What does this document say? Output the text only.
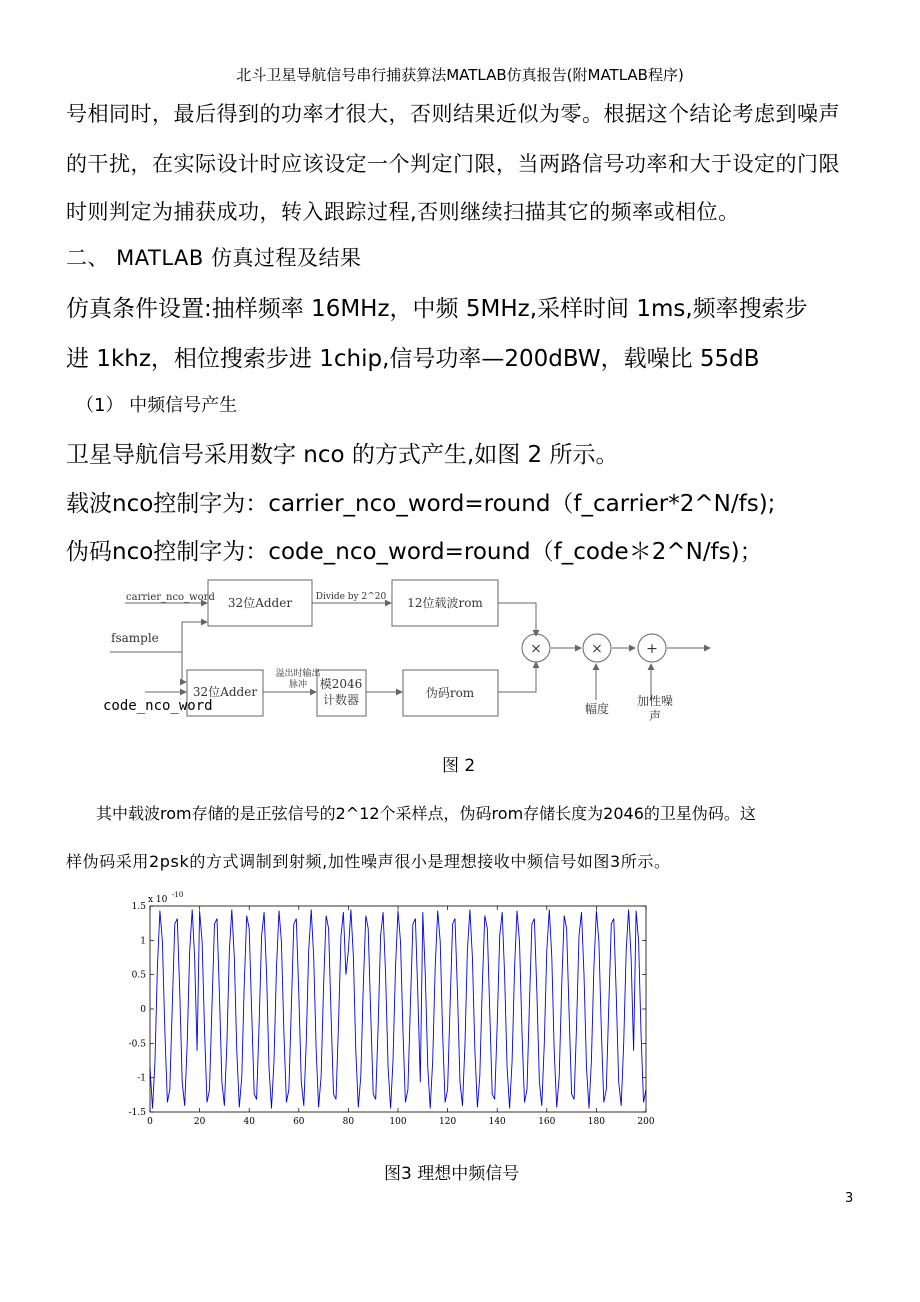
北斗卫星导航信号串行捕获算法MATLAB仿真报告(附MATLAB程序)

号相同时，最后得到的功率才很大，否则结果近似为零。根据这个结论考虑到噪声

的干扰，在实际设计时应该设定一个判定门限，当两路信号功率和大于设定的门限

时则判定为捕获成功，转入跟踪过程,否则继续扫描其它的频率或相位。

二、 MATLAB 仿真过程及结果

仿真条件设置:抽样频率 16MHz，中频 5MHz,采样时间 1ms,频率搜索步

进 1khz，相位搜索步进 1chip,信号功率—200dBW，载噪比 55dB

（1） 中频信号产生

卫星导航信号采用数字 nco 的方式产生,如图 2 所示。

载波nco控制字为：carrier_nco_word=round（f_carrier*2^N/fs);

伪码nco控制字为：code_nco_word=round（f_code＊2^N/fs)；

carrier_nco_word
fsample
32位Adder	Divide by 2^20 12位载波rom
32位Adder
溢出时输出
脉冲 模2046
计数器	伪码rom
×	×	+
幅度
加性噪
声
code_nco_word

图 2

其中载波rom存储的是正弦信号的2^12个采样点，伪码rom存储长度为2046的卫星伪码。这

样伪码采用2psk的方式调制到射频,加性噪声很小是理想接收中频信号如图3所示。

x 10 -10
0	20	40	60	80	100	120	140	160	180	200
1.5
1
0.5
0
-0.5
-1
-1.5

图3 理想中频信号

3
